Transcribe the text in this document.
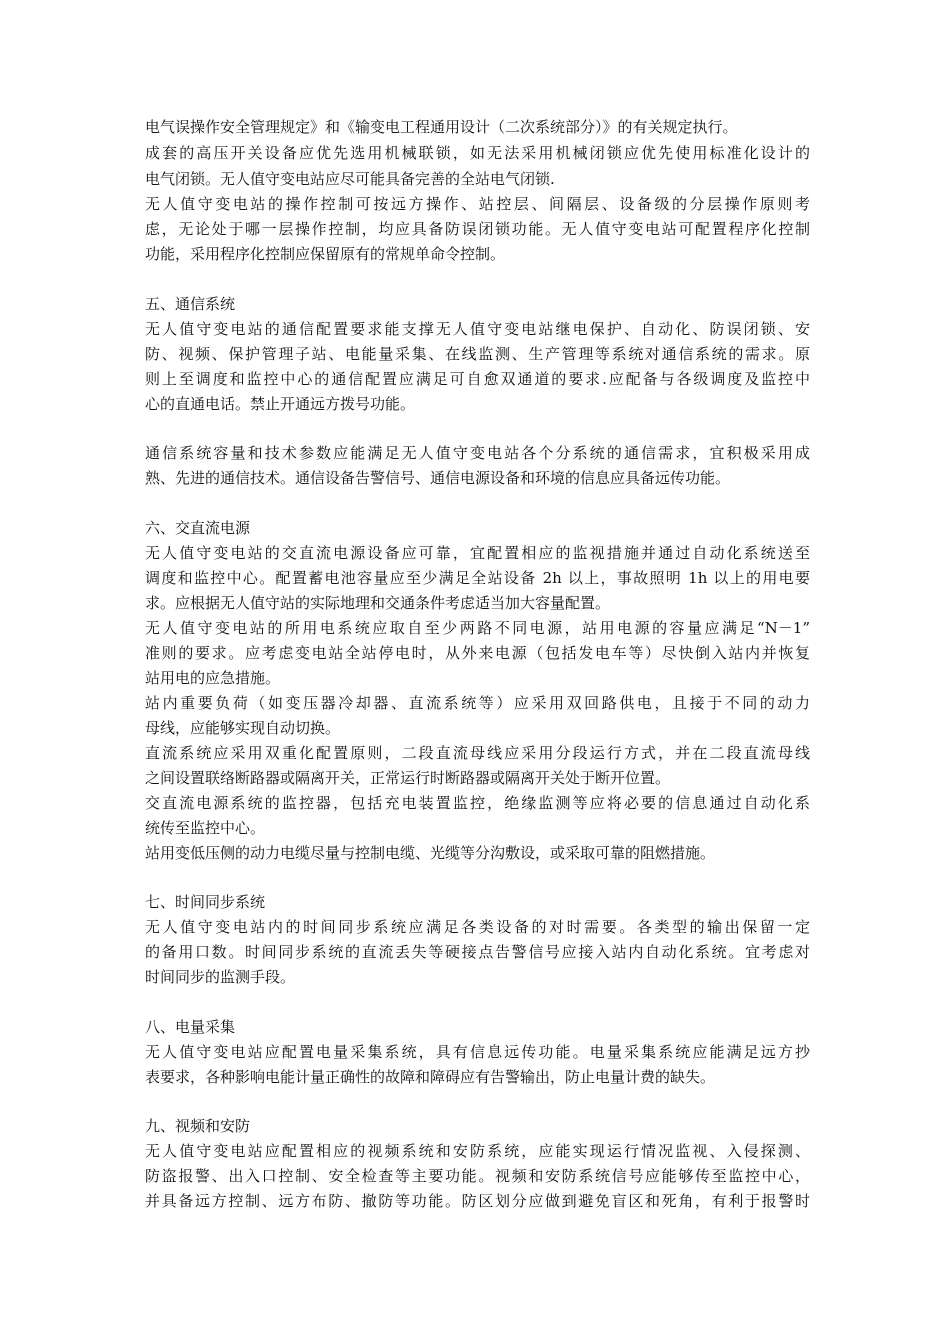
电气误操作安全管理规定》和《输变电工程通用设计（二次系统部分）》的有关规定执行。
成套的高压开关设备应优先选用机械联锁，如无法采用机械闭锁应优先使用标准化设计的
电气闭锁。无人值守变电站应尽可能具备完善的全站电气闭锁.
无人值守变电站的操作控制可按远方操作、站控层、间隔层、设备级的分层操作原则考
虑，无论处于哪一层操作控制，均应具备防误闭锁功能。无人值守变电站可配置程序化控制
功能，采用程序化控制应保留原有的常规单命令控制。
五、通信系统
无人值守变电站的通信配置要求能支撑无人值守变电站继电保护、自动化、防误闭锁、安
防、视频、保护管理子站、电能量采集、在线监测、生产管理等系统对通信系统的需求。原
则上至调度和监控中心的通信配置应满足可自愈双通道的要求.应配备与各级调度及监控中
心的直通电话。禁止开通远方拨号功能。
通信系统容量和技术参数应能满足无人值守变电站各个分系统的通信需求，宜积极采用成
熟、先进的通信技术。通信设备告警信号、通信电源设备和环境的信息应具备远传功能。
六、交直流电源
无人值守变电站的交直流电源设备应可靠，宜配置相应的监视措施并通过自动化系统送至
调度和监控中心。配置蓄电池容量应至少满足全站设备 2h 以上，事故照明 1h 以上的用电要
求。应根据无人值守站的实际地理和交通条件考虑适当加大容量配置。
无人值守变电站的所用电系统应取自至少两路不同电源，站用电源的容量应满足“N－1”
准则的要求。应考虑变电站全站停电时，从外来电源（包括发电车等）尽快倒入站内并恢复
站用电的应急措施。
站内重要负荷（如变压器冷却器、直流系统等）应采用双回路供电，且接于不同的动力
母线，应能够实现自动切换。
直流系统应采用双重化配置原则，二段直流母线应采用分段运行方式，并在二段直流母线
之间设置联络断路器或隔离开关，正常运行时断路器或隔离开关处于断开位置。
交直流电源系统的监控器，包括充电装置监控，绝缘监测等应将必要的信息通过自动化系
统传至监控中心。
站用变低压侧的动力电缆尽量与控制电缆、光缆等分沟敷设，或采取可靠的阻燃措施。
七、时间同步系统
无人值守变电站内的时间同步系统应满足各类设备的对时需要。各类型的输出保留一定
的备用口数。时间同步系统的直流丢失等硬接点告警信号应接入站内自动化系统。宜考虑对
时间同步的监测手段。
八、电量采集
无人值守变电站应配置电量采集系统，具有信息远传功能。电量采集系统应能满足远方抄
表要求，各种影响电能计量正确性的故障和障碍应有告警输出，防止电量计费的缺失。
九、视频和安防
无人值守变电站应配置相应的视频系统和安防系统，应能实现运行情况监视、入侵探测、
防盗报警、出入口控制、安全检查等主要功能。视频和安防系统信号应能够传至监控中心，
并具备远方控制、远方布防、撤防等功能。防区划分应做到避免盲区和死角，有利于报警时
